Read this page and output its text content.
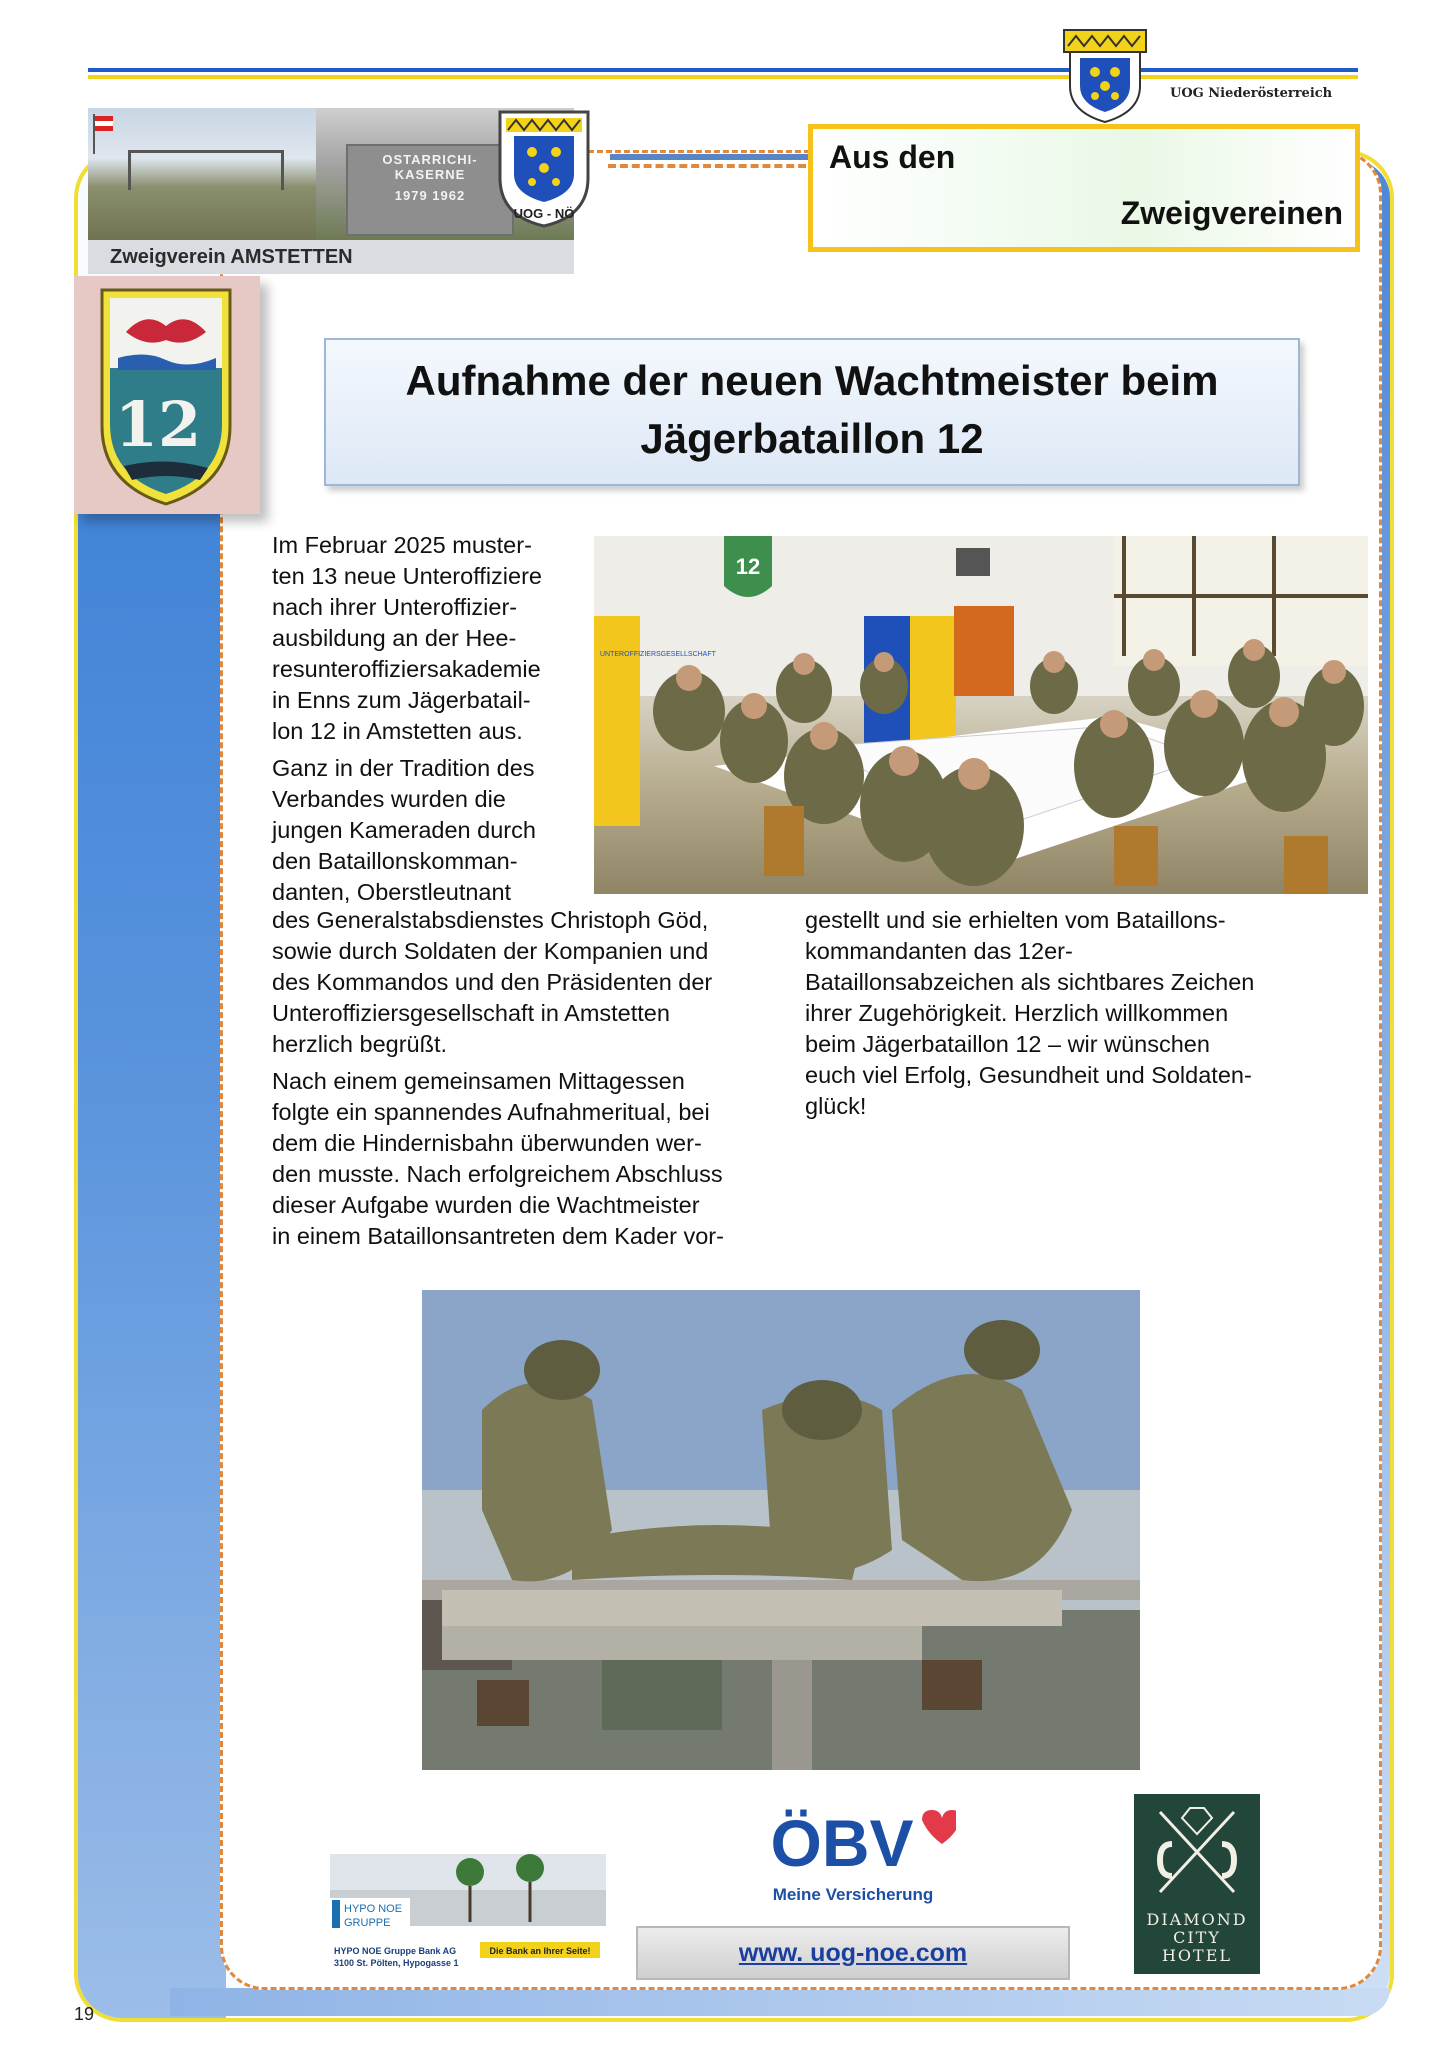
UOG Niederösterreich
OSTARRICHI-KASERNE
1979 1962
Zweigverein AMSTETTEN
UOG - NÖ
12
Aus den
Zweigvereinen
Aufnahme der neuen Wachtmeister beim
Jägerbataillon 12
Im Februar 2025 muster-
ten 13 neue Unteroffiziere
nach ihrer Unteroffizier-
ausbildung an der Hee-
resunteroffiziersakademie
in Enns zum Jägerbatail-
lon 12 in Amstetten aus.
Ganz in der Tradition des
Verbandes wurden die
jungen Kameraden durch
den Bataillonskomman-
danten, Oberstleutnant
12
UNTEROFFIZIERSGESELLSCHAFT
des Generalstabsdienstes Christoph Göd,
sowie durch Soldaten der Kompanien und
des Kommandos und den Präsidenten der
Unteroffiziersgesellschaft in Amstetten
herzlich begrüßt.
Nach einem gemeinsamen Mittagessen
folgte ein spannendes Aufnahmeritual, bei
dem die Hindernisbahn überwunden wer-
den musste. Nach erfolgreichem Abschluss
dieser Aufgabe wurden die Wachtmeister
in einem Bataillonsantreten dem Kader vor-
gestellt und sie erhielten vom Bataillons-
kommandanten das 12er-
Bataillonsabzeichen als sichtbares Zeichen
ihrer Zugehörigkeit. Herzlich willkommen
beim Jägerbataillon 12 – wir wünschen
euch viel Erfolg, Gesundheit und Soldaten-
glück!
HYPO NOE
GRUPPE
Die Bank an Ihrer Seite!
HYPO NOE Gruppe Bank AG
3100 St. Pölten, Hypogasse 1
ÖBV
Meine Versicherung
DIAMOND
CITY
HOTEL
www. uog-noe.com
19
